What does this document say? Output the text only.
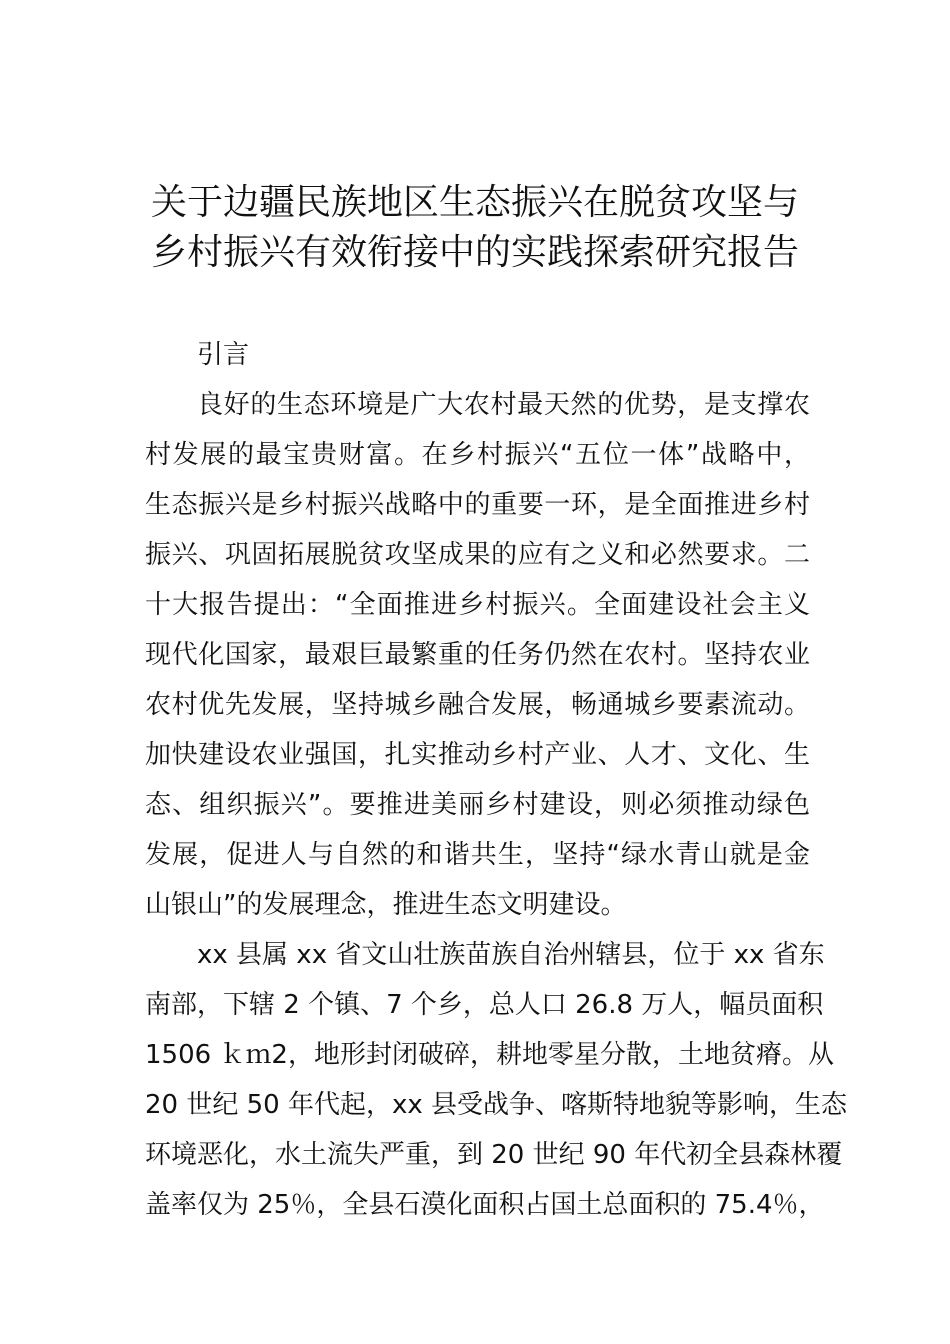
关于边疆民族地区生态振兴在脱贫攻坚与
乡村振兴有效衔接中的实践探索研究报告
引言
良好的生态环境是广大农村最天然的优势，是支撑农
村发展的最宝贵财富。在乡村振兴“五位一体”战略中，
生态振兴是乡村振兴战略中的重要一环，是全面推进乡村
振兴、巩固拓展脱贫攻坚成果的应有之义和必然要求。二
十大报告提出：“全面推进乡村振兴。全面建设社会主义
现代化国家，最艰巨最繁重的任务仍然在农村。坚持农业
农村优先发展，坚持城乡融合发展，畅通城乡要素流动。
加快建设农业强国，扎实推动乡村产业、人才、文化、生
态、组织振兴”。要推进美丽乡村建设，则必须推动绿色
发展，促进人与自然的和谐共生，坚持“绿水青山就是金
山银山”的发展理念，推进生态文明建设。
xx 县属 xx 省文山壮族苗族自治州辖县，位于 xx 省东
南部，下辖 2 个镇、7 个乡，总人口 26.8 万人，幅员面积
1506 ｋｍ2，地形封闭破碎，耕地零星分散，土地贫瘠。从
20 世纪 50 年代起，xx 县受战争、喀斯特地貌等影响，生态
环境恶化，水土流失严重，到 20 世纪 90 年代初全县森林覆
盖率仅为 25％，全县石漠化面积占国土总面积的 75.4％，
